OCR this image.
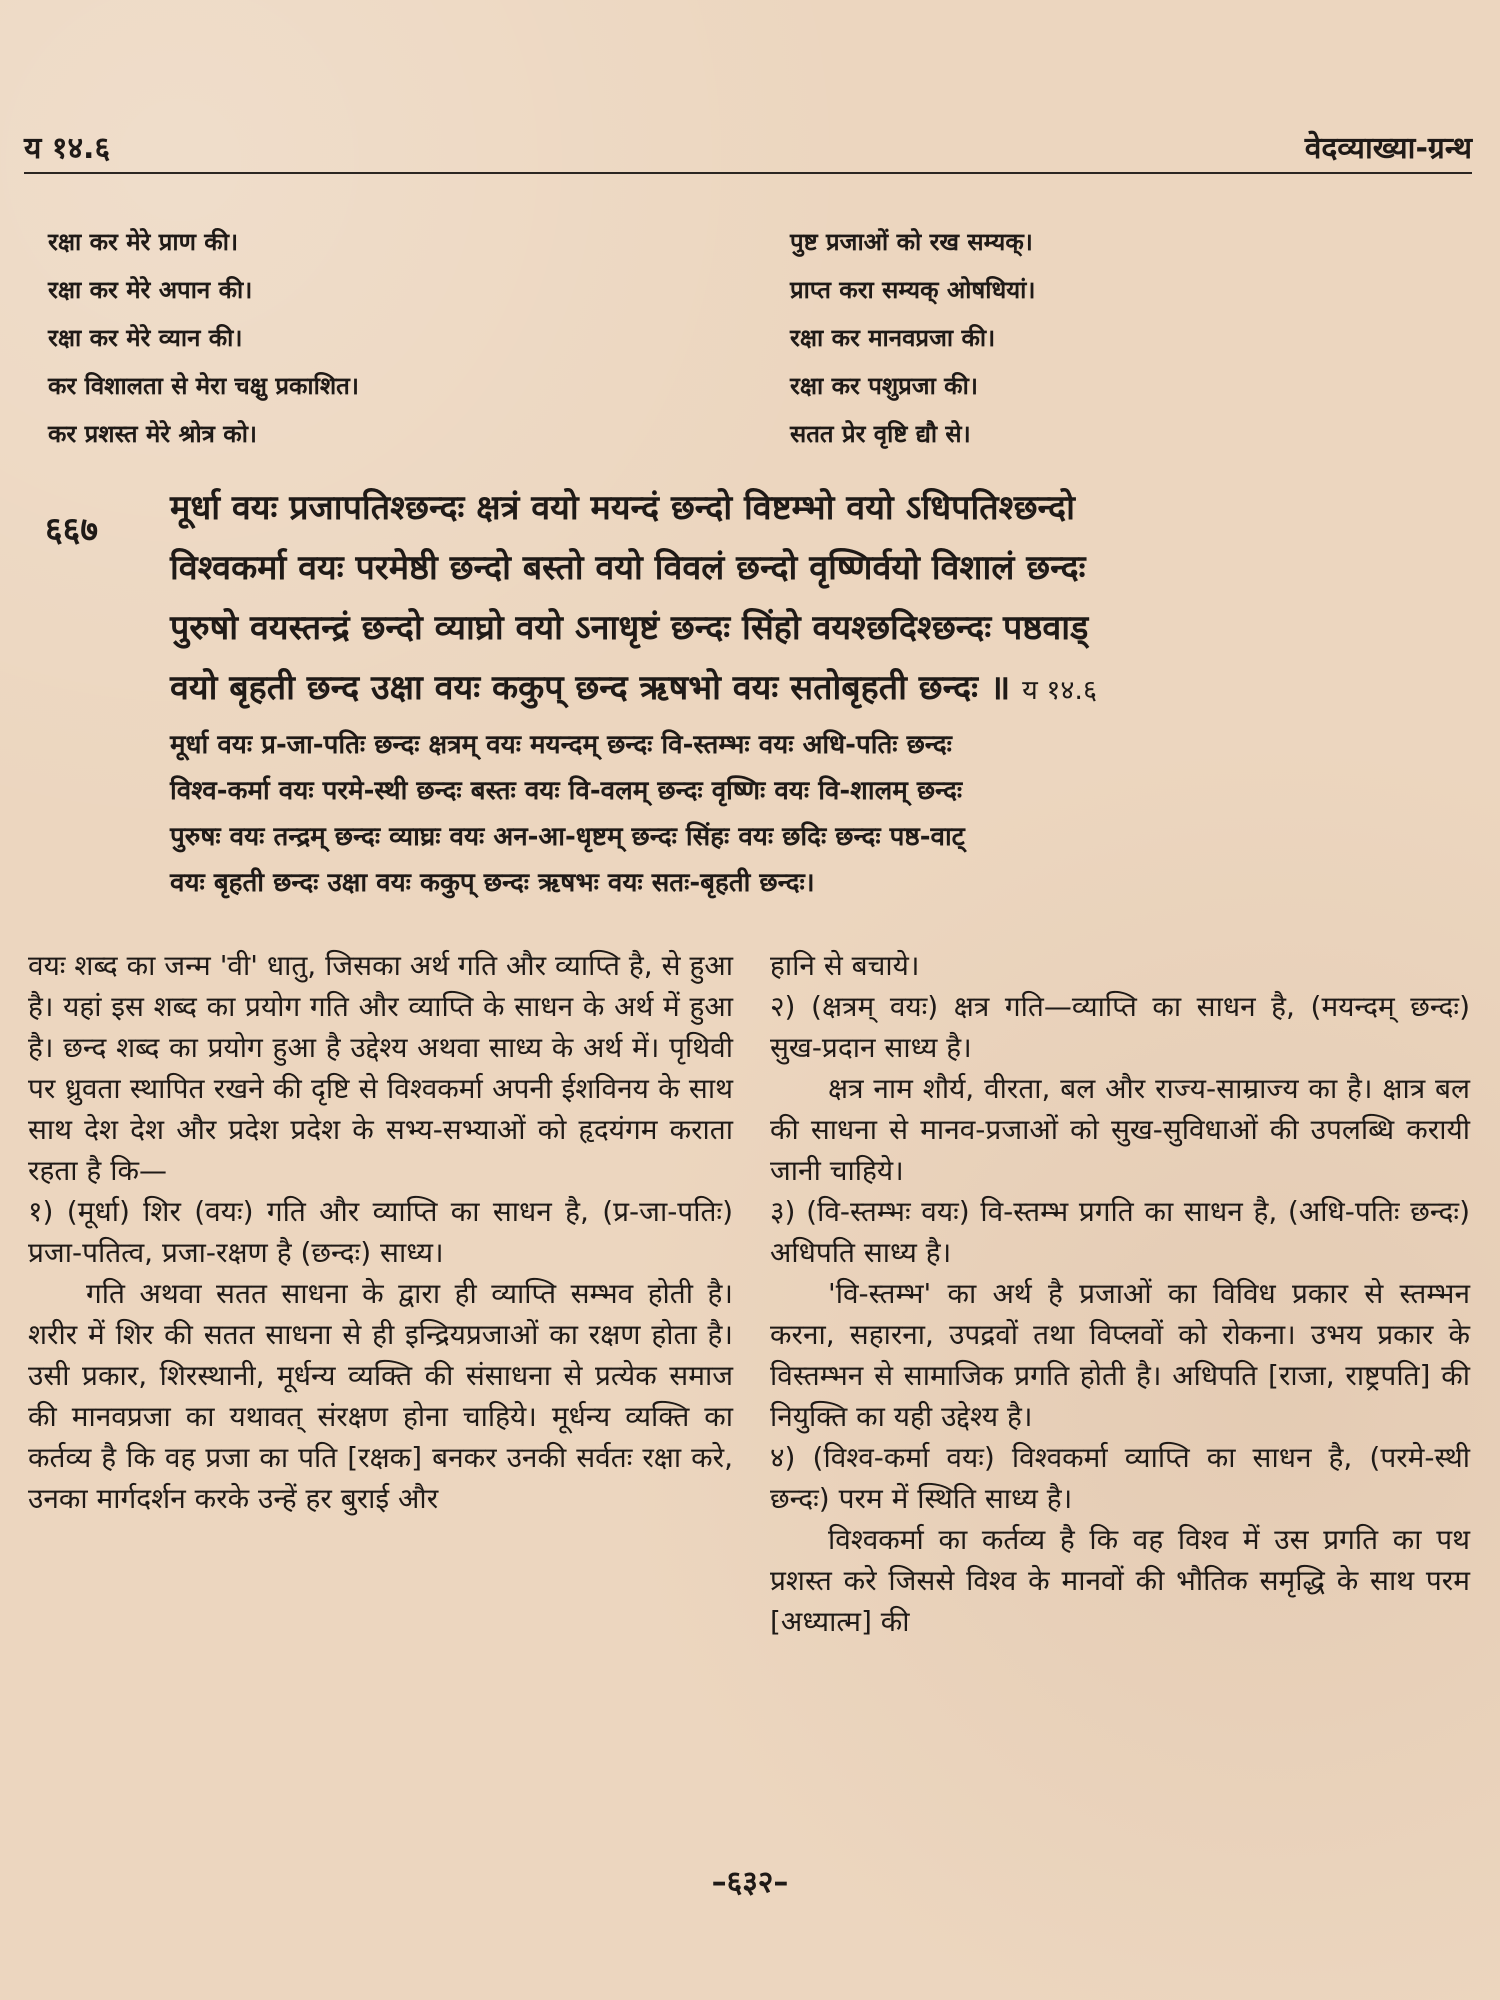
य १४.६	वेदव्याख्या-ग्रन्थ
रक्षा कर मेरे प्राण की।
रक्षा कर मेरे अपान की।
रक्षा कर मेरे व्यान की।
कर विशालता से मेरा चक्षु प्रकाशित।
कर प्रशस्त मेरे श्रोत्र को।
पुष्ट प्रजाओं को रख सम्यक्।
प्राप्त करा सम्यक् ओषधियां।
रक्षा कर मानवप्रजा की।
रक्षा कर पशुप्रजा की।
सतत प्रेर वृष्टि द्यौ से।
६६७
मूर्धा वयः प्रजापतिश्छन्दः क्षत्रं वयो मयन्दं छन्दो विष्टम्भो वयो ऽधिपतिश्छन्दो
विश्वकर्मा वयः परमेष्ठी छन्दो बस्तो वयो विवलं छन्दो वृष्णिर्वयो विशालं छन्दः
पुरुषो वयस्तन्द्रं छन्दो व्याघ्रो वयो ऽनाधृष्टं छन्दः सिंहो वयश्छदिश्छन्दः पष्ठवाड्
वयो बृहती छन्द उक्षा वयः ककुप् छन्द ऋषभो वयः सतोबृहती छन्दः ॥ य १४.६
मूर्धा वयः प्र-जा-पतिः छन्दः क्षत्रम् वयः मयन्दम् छन्दः वि-स्तम्भः वयः अधि-पतिः छन्दः
विश्व-कर्मा वयः परमे-स्थी छन्दः बस्तः वयः वि-वलम् छन्दः वृष्णिः वयः वि-शालम् छन्दः
पुरुषः वयः तन्द्रम् छन्दः व्याघ्रः वयः अन-आ-धृष्टम् छन्दः सिंहः वयः छदिः छन्दः पष्ठ-वाट्
वयः बृहती छन्दः उक्षा वयः ककुप् छन्दः ऋषभः वयः सतः-बृहती छन्दः।

वयः शब्द का जन्म 'वी' धातु, जिसका अर्थ गति और व्याप्ति है, से हुआ है। यहां इस शब्द का प्रयोग गति और व्याप्ति के साधन के अर्थ में हुआ है। छन्द शब्द का प्रयोग हुआ है उद्देश्य अथवा साध्य के अर्थ में। पृथिवी पर ध्रुवता स्थापित रखने की दृष्टि से विश्वकर्मा अपनी ईशविनय के साथ साथ देश देश और प्रदेश प्रदेश के सभ्य-सभ्याओं को हृदयंगम कराता रहता है कि—

१) (मूर्धा) शिर (वयः) गति और व्याप्ति का साधन है, (प्र-जा-पतिः) प्रजा-पतित्व, प्रजा-रक्षण है (छन्दः) साध्य।

गति अथवा सतत साधना के द्वारा ही व्याप्ति सम्भव होती है। शरीर में शिर की सतत साधना से ही इन्द्रियप्रजाओं का रक्षण होता है। उसी प्रकार, शिरस्थानी, मूर्धन्य व्यक्ति की संसाधना से प्रत्येक समाज की मानवप्रजा का यथावत् संरक्षण होना चाहिये। मूर्धन्य व्यक्ति का कर्तव्य है कि वह प्रजा का पति [रक्षक] बनकर उनकी सर्वतः रक्षा करे, उनका मार्गदर्शन करके उन्हें हर बुराई और

हानि से बचाये।

२) (क्षत्रम् वयः) क्षत्र गति—व्याप्ति का साधन है, (मयन्दम् छन्दः) सुख-प्रदान साध्य है।

क्षत्र नाम शौर्य, वीरता, बल और राज्य-साम्राज्य का है। क्षात्र बल की साधना से मानव-प्रजाओं को सुख-सुविधाओं की उपलब्धि करायी जानी चाहिये।

३) (वि-स्तम्भः वयः) वि-स्तम्भ प्रगति का साधन है, (अधि-पतिः छन्दः) अधिपति साध्य है।

'वि-स्तम्भ' का अर्थ है प्रजाओं का विविध प्रकार से स्तम्भन करना, सहारना, उपद्रवों तथा विप्लवों को रोकना। उभय प्रकार के विस्तम्भन से सामाजिक प्रगति होती है। अधिपति [राजा, राष्ट्रपति] की नियुक्ति का यही उद्देश्य है।

४) (विश्व-कर्मा वयः) विश्वकर्मा व्याप्ति का साधन है, (परमे-स्थी छन्दः) परम में स्थिति साध्य है।

विश्वकर्मा का कर्तव्य है कि वह विश्व में उस प्रगति का पथ प्रशस्त करे जिससे विश्व के मानवों की भौतिक समृद्धि के साथ परम [अध्यात्म] की

–६३२–
